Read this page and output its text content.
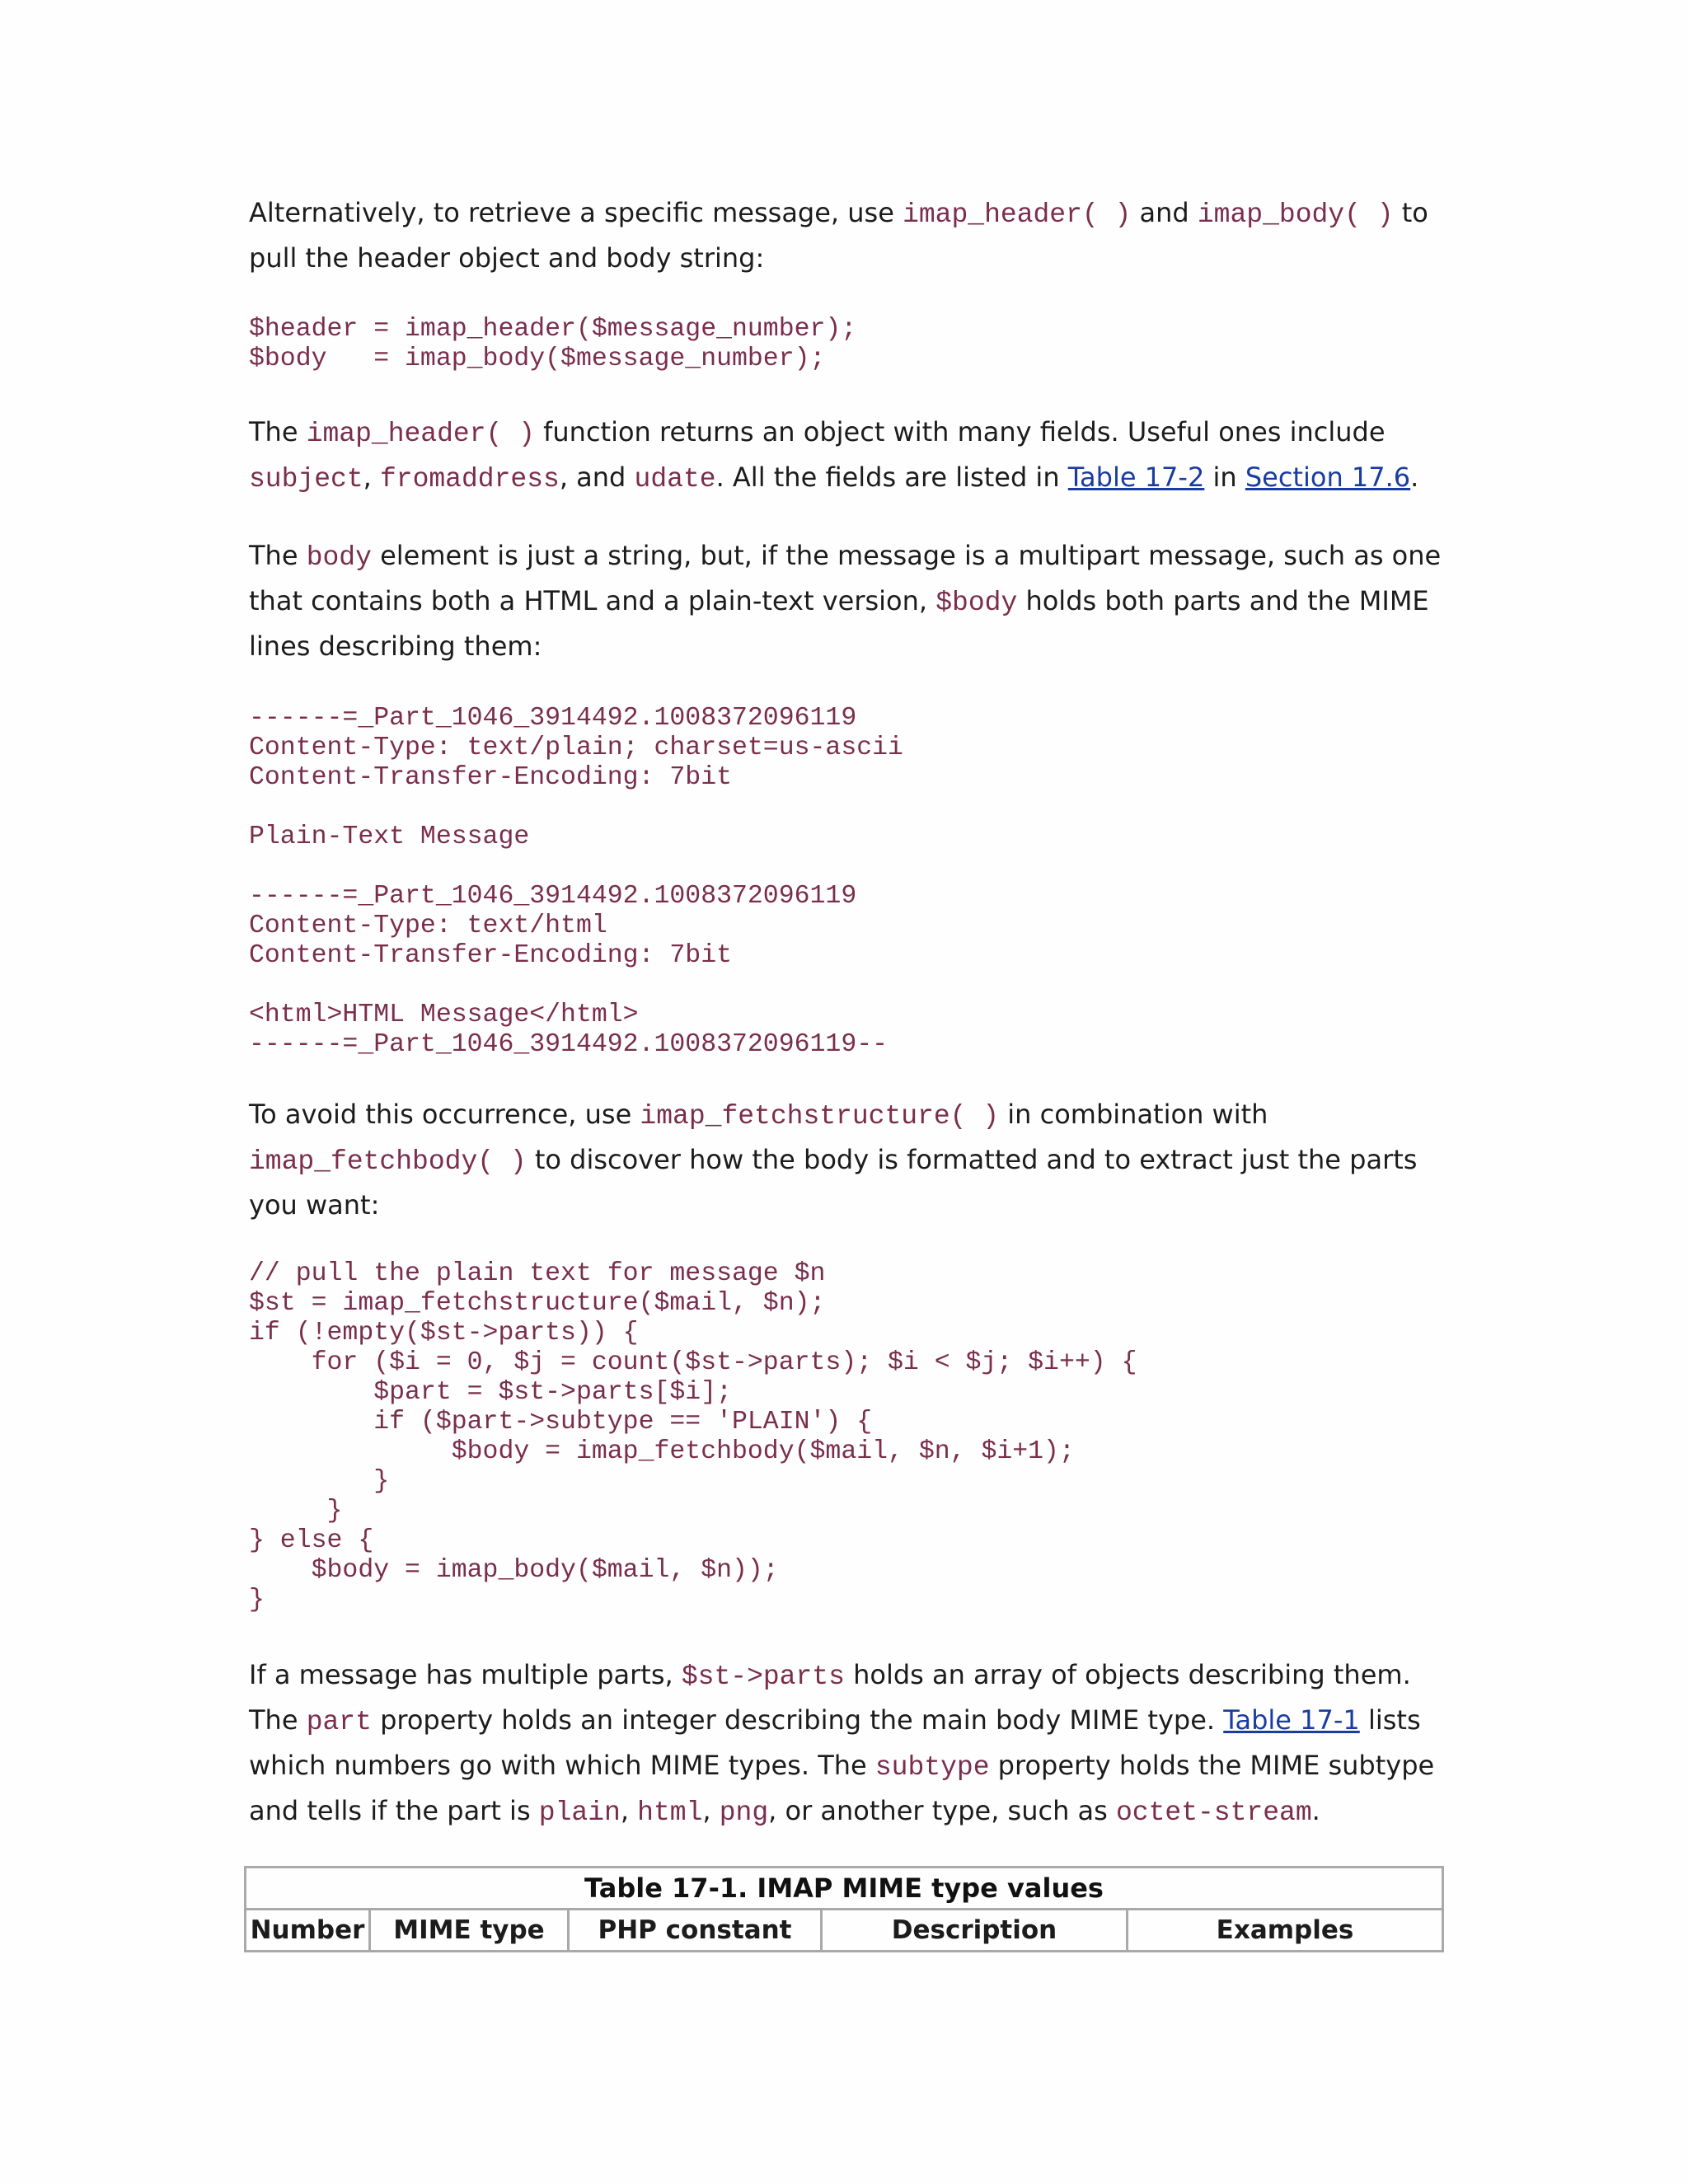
Alternatively, to retrieve a specific message, use imap_header( ) and imap_body( ) to pull the header object and body string:

$header = imap_header($message_number);
$body   = imap_body($message_number);

The imap_header( ) function returns an object with many fields. Useful ones include subject, fromaddress, and udate. All the fields are listed in Table 17-2 in Section 17.6.

The body element is just a string, but, if the message is a multipart message, such as one that contains both a HTML and a plain-text version, $body holds both parts and the MIME lines describing them:

------=_Part_1046_3914492.1008372096119
Content-Type: text/plain; charset=us-ascii
Content-Transfer-Encoding: 7bit

Plain-Text Message

------=_Part_1046_3914492.1008372096119
Content-Type: text/html
Content-Transfer-Encoding: 7bit

<html>HTML Message</html>
------=_Part_1046_3914492.1008372096119--

To avoid this occurrence, use imap_fetchstructure( ) in combination with imap_fetchbody( ) to discover how the body is formatted and to extract just the parts you want:

// pull the plain text for message $n
$st = imap_fetchstructure($mail, $n);
if (!empty($st->parts)) {
for ($i = 0, $j = count($st->parts); $i < $j; $i++) {
$part = $st->parts[$i];
if ($part->subtype == 'PLAIN') {
$body = imap_fetchbody($mail, $n, $i+1);
}
}
} else {
$body = imap_body($mail, $n));
}

If a message has multiple parts, $st->parts holds an array of objects describing them. The part property holds an integer describing the main body MIME type. Table 17-1 lists which numbers go with which MIME types. The subtype property holds the MIME subtype and tells if the part is plain, html, png, or another type, such as octet-stream.

Table 17-1. IMAP MIME type values
Number	MIME type	PHP constant	Description	Examples
